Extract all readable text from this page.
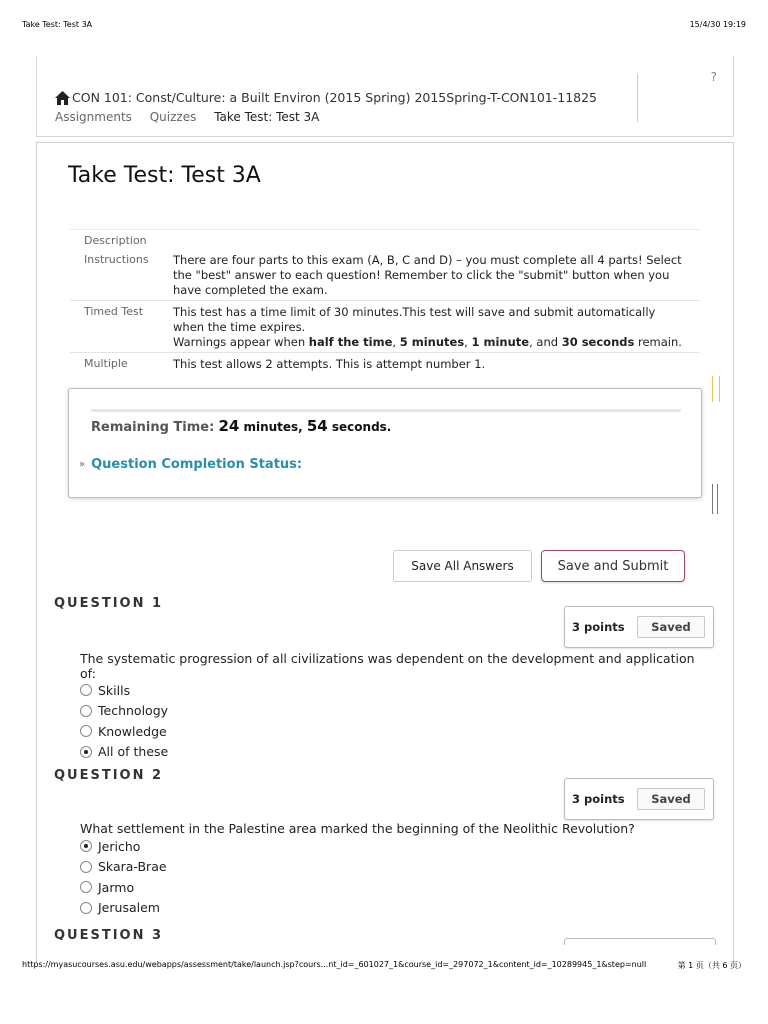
Take Test: Test 3A	15/4/30 19:19
CON 101: Const/Culture: a Built Environ (2015 Spring) 2015Spring-T-CON101-11825
Assignments Quizzes Take Test: Test 3A
?
Take Test: Test 3A
Description
Instructions	There are four parts to this exam (A, B, C and D) – you must complete all 4 parts! Select the "best" answer to each question! Remember to click the "submit" button when you have completed the exam.
Timed Test	This test has a time limit of 30 minutes.This test will save and submit automatically
when the time expires.
Warnings appear when half the time, 5 minutes, 1 minute, and 30 seconds remain.
Multiple	This test allows 2 attempts. This is attempt number 1.
Remaining Time: 24 minutes, 54 seconds.
» Question Completion Status:
Save All Answers	Save and Submit
QUESTION 1
3 points	Saved
The systematic progression of all civilizations was dependent on the development and application of:
Skills
Technology
Knowledge
All of these
QUESTION 2
3 points	Saved
What settlement in the Palestine area marked the beginning of the Neolithic Revolution?
Jericho
Skara-Brae
Jarmo
Jerusalem
QUESTION 3
https://myasucourses.asu.edu/webapps/assessment/take/launch.jsp?cours...nt_id=_601027_1&course_id=_297072_1&content_id=_10289945_1&step=null	第 1 页（共 6 页）
